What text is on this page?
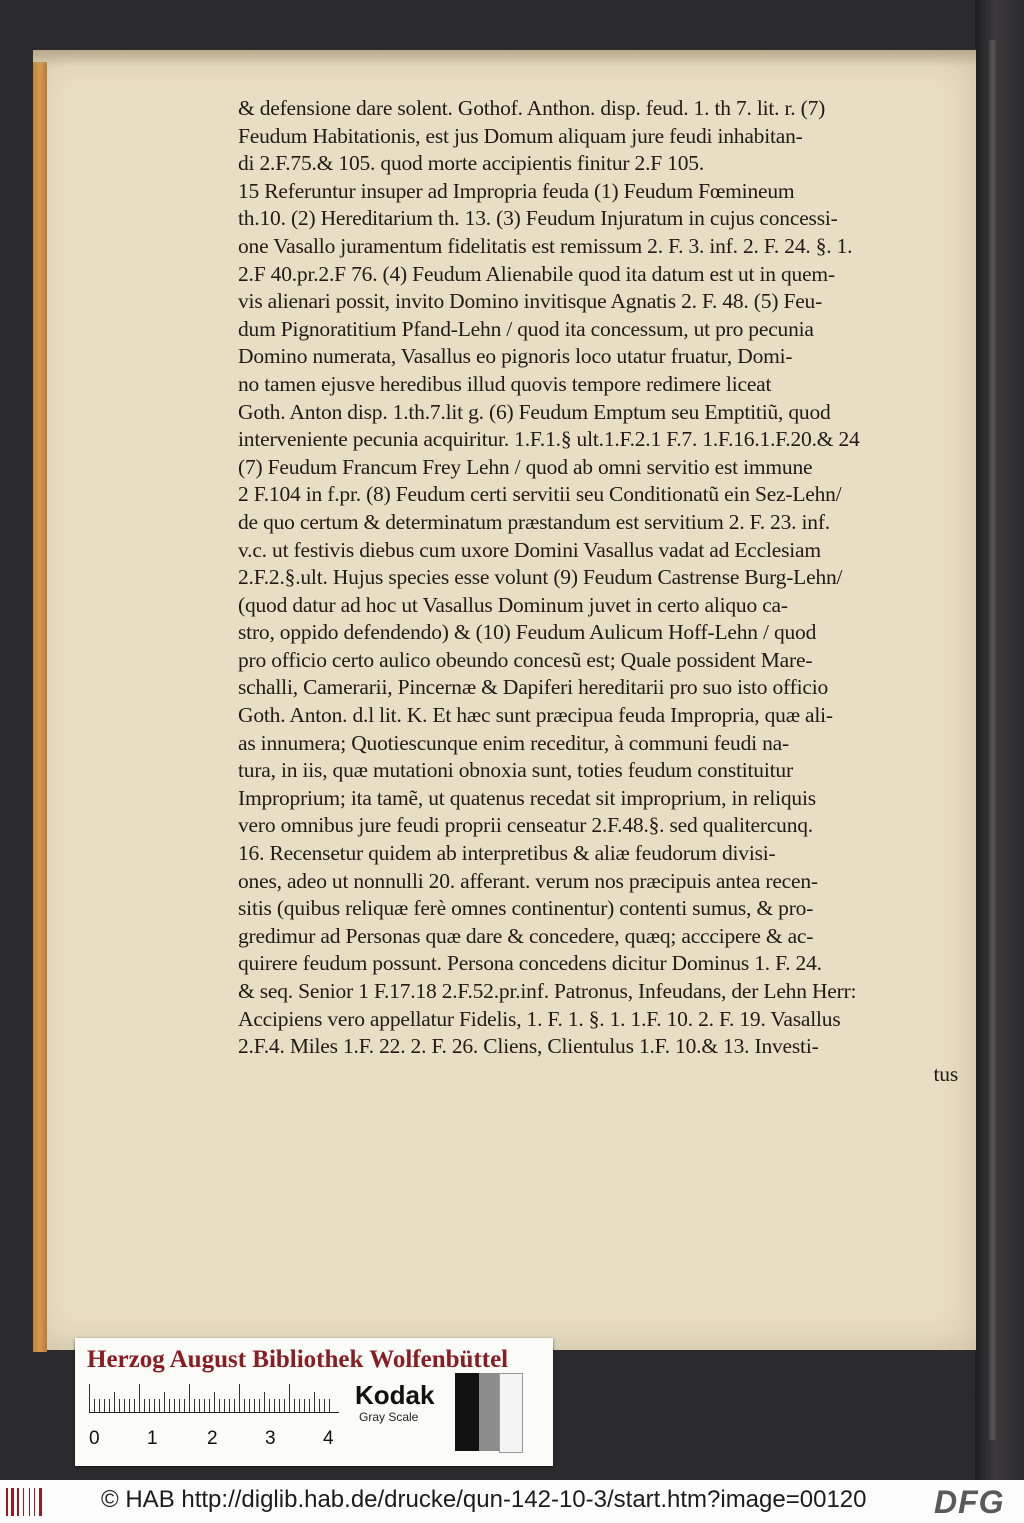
& defensione dare solent. Gothof. Anthon. disp. feud. 1. th 7. lit. r. (7)
Feudum Habitationis, est jus Domum aliquam jure feudi inhabitan-
di 2.F.75.& 105. quod morte accipientis finitur 2.F 105.
15 Referuntur insuper ad Impropria feuda (1) Feudum Fœmineum
th.10. (2) Hereditarium th. 13. (3) Feudum Injuratum in cujus concessi-
one Vasallo juramentum fidelitatis est remissum 2. F. 3. inf. 2. F. 24. §. 1.
2.F 40.pr.2.F 76. (4) Feudum Alienabile quod ita datum est ut in quem-
vis alienari possit, invito Domino invitisque Agnatis 2. F. 48. (5) Feu-
dum Pignoratitium Pfand-Lehn / quod ita concessum, ut pro pecunia
Domino numerata, Vasallus eo pignoris loco utatur fruatur, Domi-
no tamen ejusve heredibus illud quovis tempore redimere liceat
Goth. Anton disp. 1.th.7.lit g. (6) Feudum Emptum seu Emptitiũ, quod
interveniente pecunia acquiritur. 1.F.1.§ ult.1.F.2.1 F.7. 1.F.16.1.F.20.& 24
(7) Feudum Francum Frey Lehn / quod ab omni servitio est immune
2 F.104 in f.pr. (8) Feudum certi servitii seu Conditionatũ ein Sez-Lehn/
de quo certum & determinatum præstandum est servitium 2. F. 23. inf.
v.c. ut festivis diebus cum uxore Domini Vasallus vadat ad Ecclesiam
2.F.2.§.ult. Hujus species esse volunt (9) Feudum Castrense Burg-Lehn/
(quod datur ad hoc ut Vasallus Dominum juvet in certo aliquo ca-
stro, oppido defendendo) & (10) Feudum Aulicum Hoff-Lehn / quod
pro officio certo aulico obeundo concesũ est; Quale possident Mare-
schalli, Camerarii, Pincernæ & Dapiferi hereditarii pro suo isto officio
Goth. Anton. d.l lit. K. Et hæc sunt præcipua feuda Impropria, quæ ali-
as innumera; Quotiescunque enim receditur, à communi feudi na-
tura, in iis, quæ mutationi obnoxia sunt, toties feudum constituitur
Improprium; ita tamẽ, ut quatenus recedat sit improprium, in reliquis
vero omnibus jure feudi proprii censeatur 2.F.48.§. sed qualitercunq.
16. Recensetur quidem ab interpretibus & aliæ feudorum divisi-
ones, adeo ut nonnulli 20. afferant. verum nos præcipuis antea recen-
sitis (quibus reliquæ ferè omnes continentur) contenti sumus, & pro-
gredimur ad Personas quæ dare & concedere, quæq; acccipere & ac-
quirere feudum possunt. Persona concedens dicitur Dominus 1. F. 24.
& seq. Senior 1 F.17.18 2.F.52.pr.inf. Patronus, Infeudans, der Lehn Herr:
Accipiens vero appellatur Fidelis, 1. F. 1. §. 1. 1.F. 10. 2. F. 19. Vasallus
2.F.4. Miles 1.F. 22. 2. F. 26. Cliens, Clientulus 1.F. 10.& 13. Investi-
tus
Herzog August Bibliothek Wolfenbüttel
0 1	2 3 4
Kodak
Gray Scale
© HAB http://diglib.hab.de/drucke/qun-142-10-3/start.htm?image=00120 DFG
